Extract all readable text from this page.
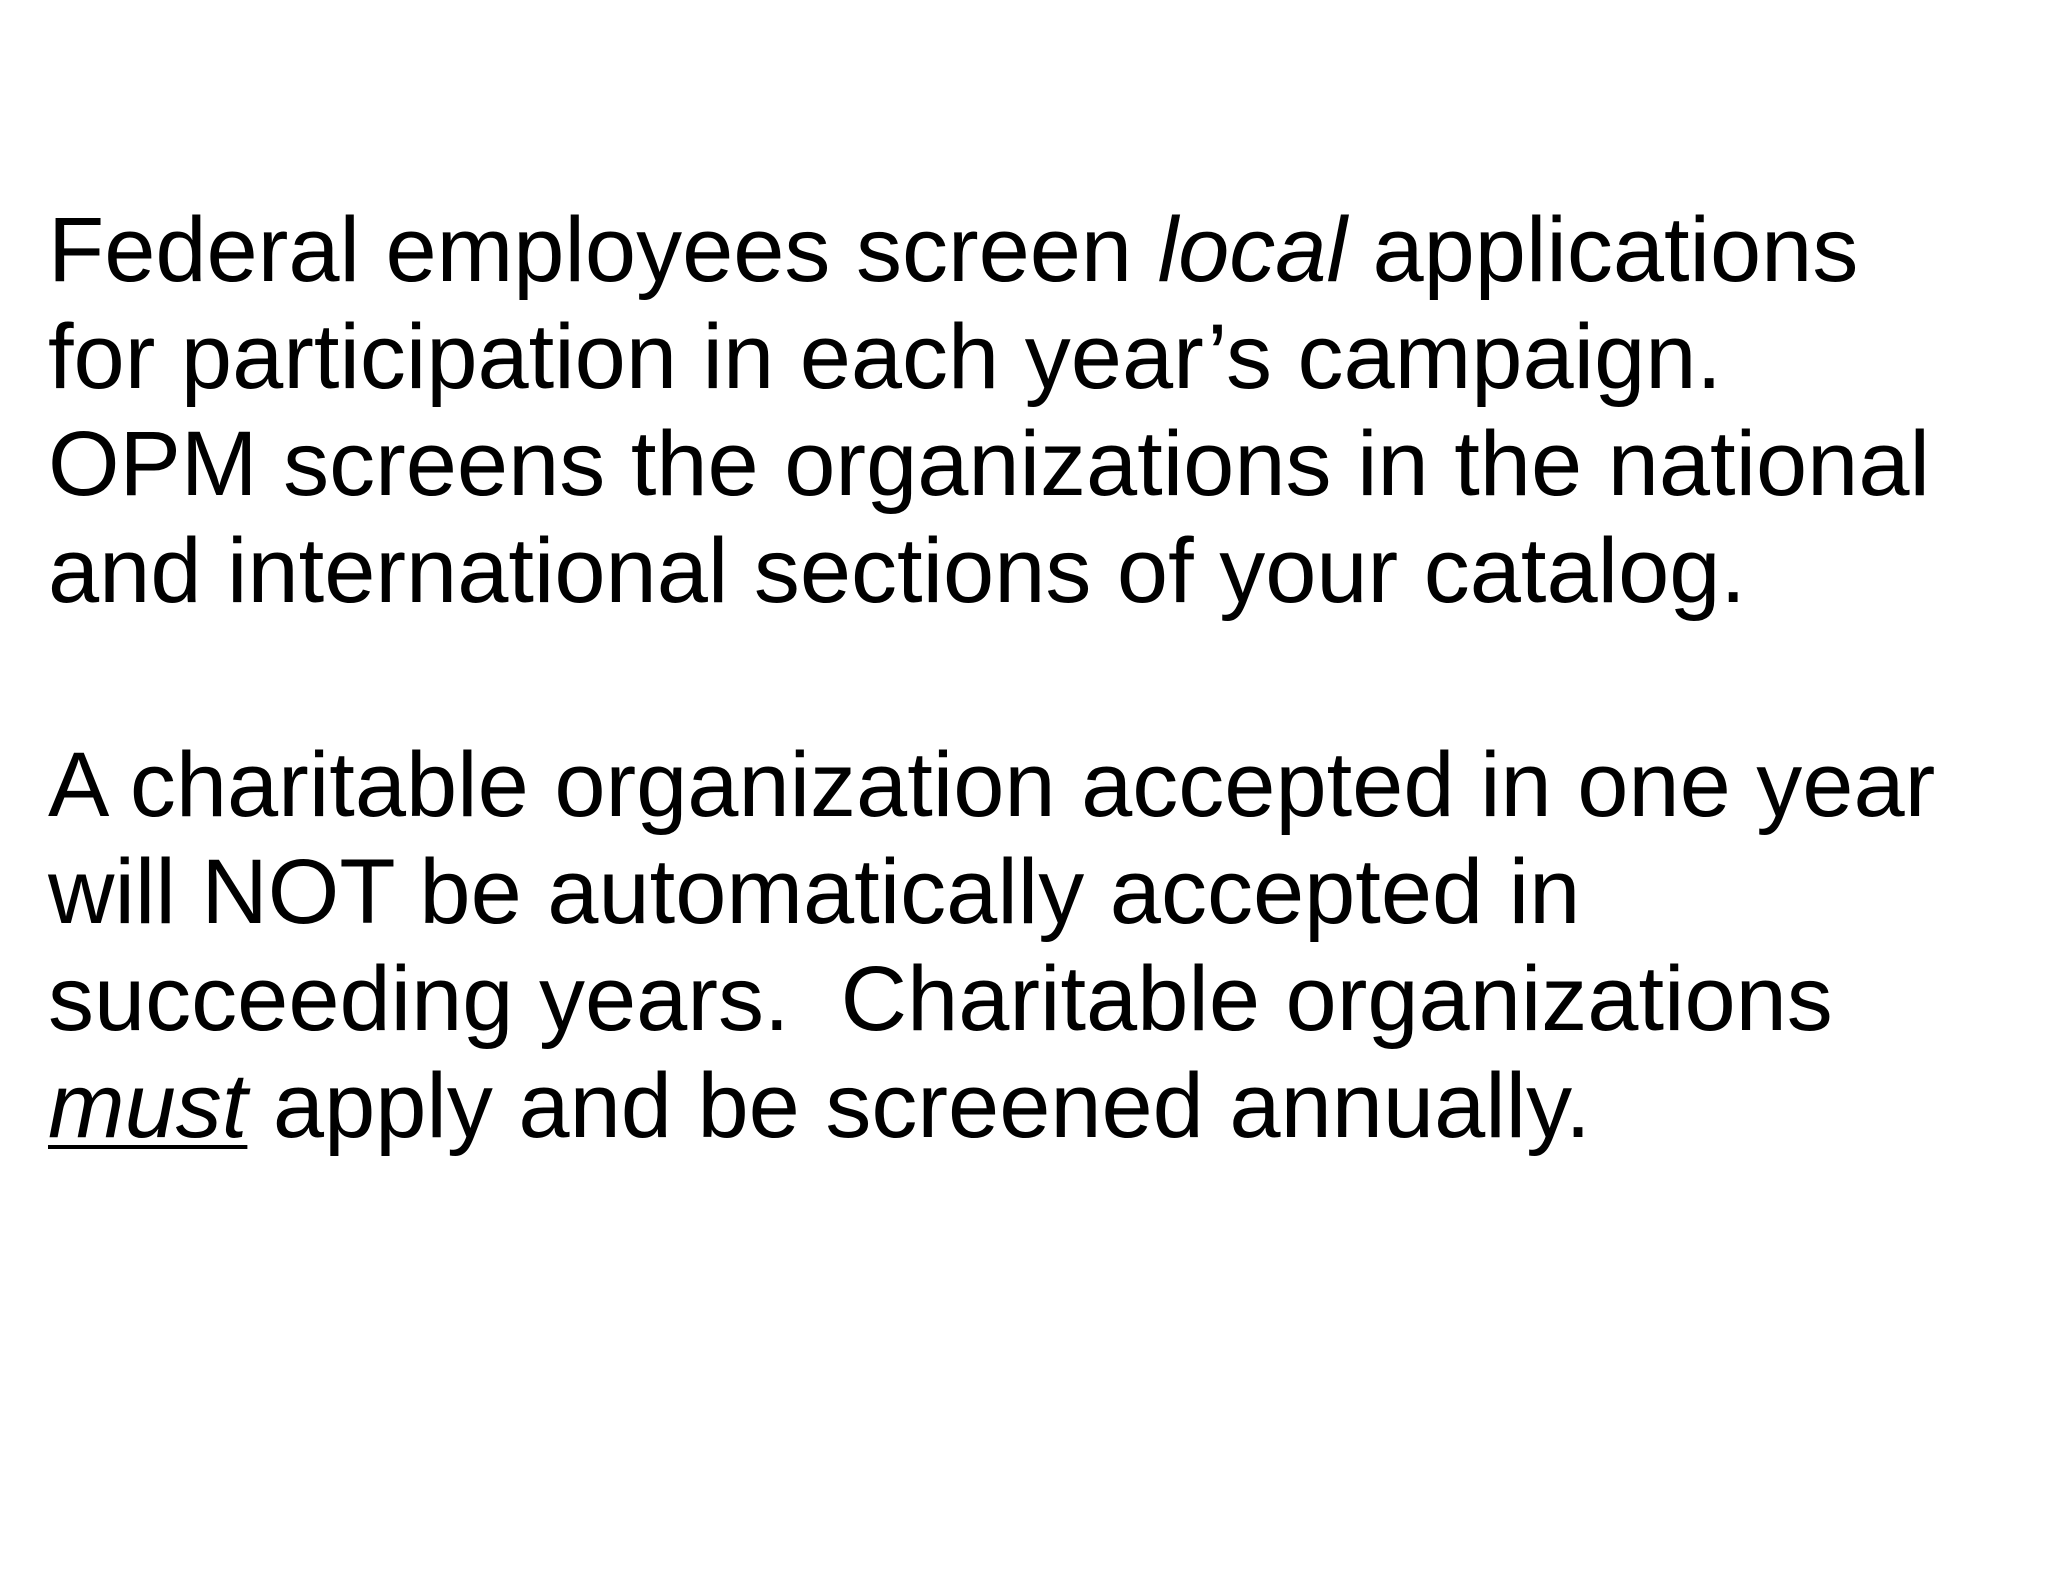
Federal employees screen local applications
for participation in each year’s campaign.
OPM screens the organizations in the national
and international sections of your catalog.
A charitable organization accepted in one year
will NOT be automatically accepted in
succeeding years.  Charitable organizations
must apply and be screened annually.
